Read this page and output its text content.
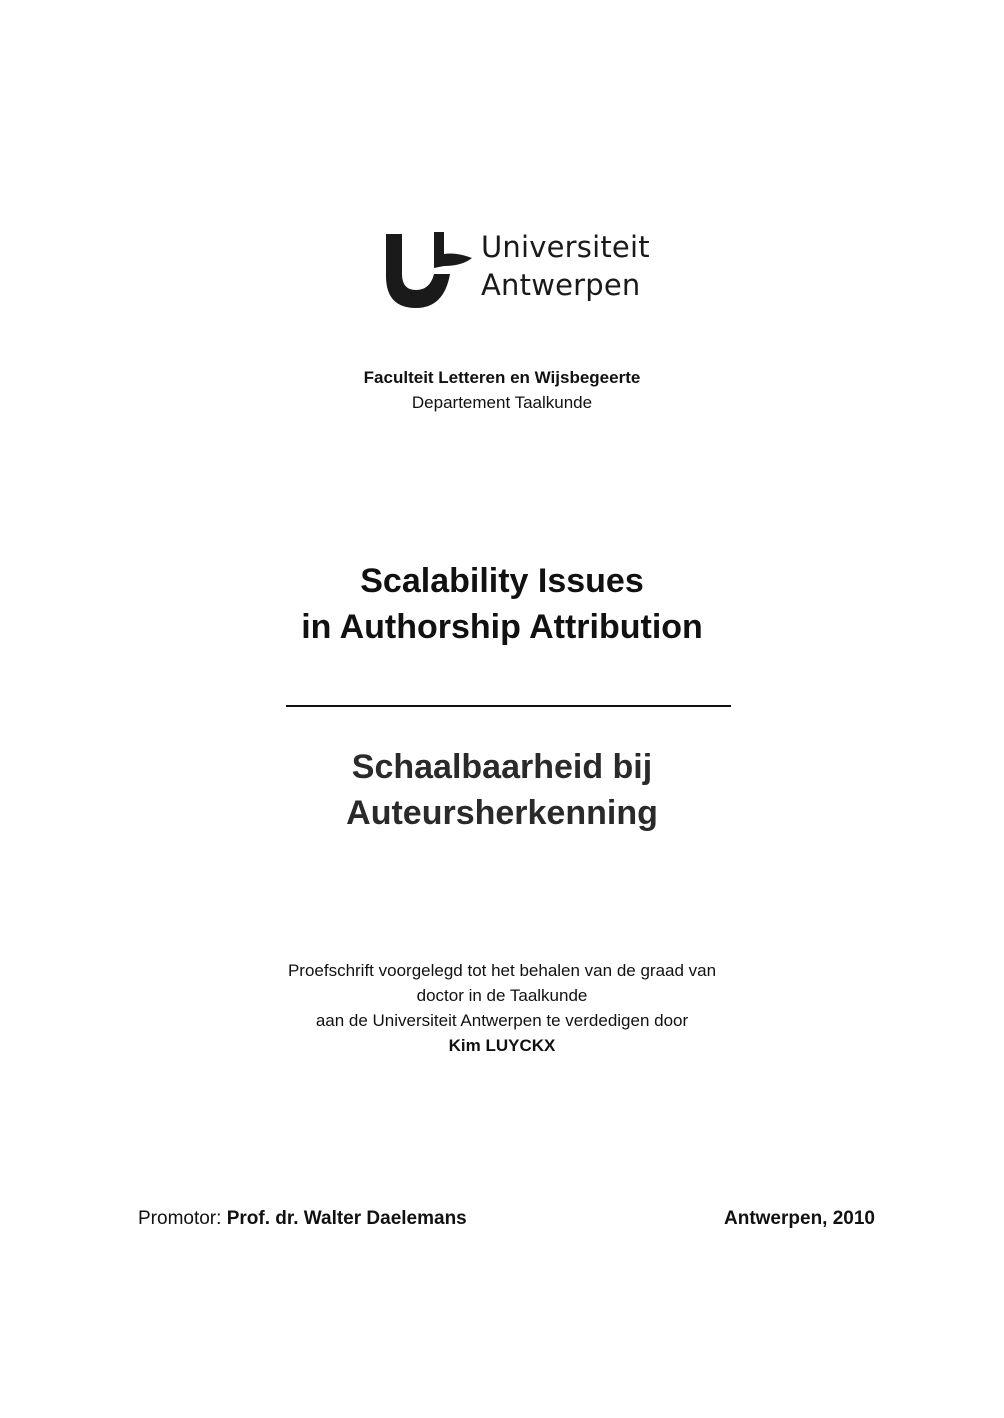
Universiteit
Antwerpen
Faculteit Letteren en Wijsbegeerte
Departement Taalkunde
Scalability Issues
in Authorship Attribution
Schaalbaarheid bij
Auteursherkenning
Proefschrift voorgelegd tot het behalen van de graad van
doctor in de Taalkunde
aan de Universiteit Antwerpen te verdedigen door
Kim LUYCKX
Promotor: Prof. dr. Walter Daelemans	Antwerpen, 2010
